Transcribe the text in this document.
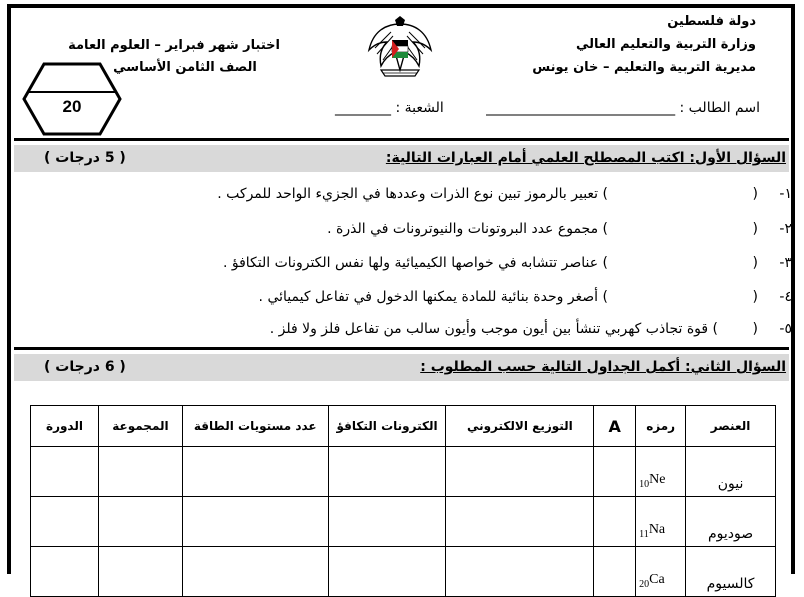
دولة فلسطين
وزارة التربية والتعليم العالي
مديرية التربية والتعليم – خان يونس
اختبار شهر فبراير – العلوم العامة
الصف الثامن الأساسي
20	اسم الطالب : ___________________________
الشعبة : ________
السؤال الأول: اكتب المصطلح العلمي أمام العبارات التالية:
( 5 درجات )
١-() تعبير بالرموز تبين نوع الذرات وعددها في الجزيء الواحد للمركب .
٢-() مجموع عدد البروتونات والنيوترونات في الذرة .
٣-() عناصر تتشابه في خواصها الكيميائية ولها نفس الكترونات التكافؤ .
٤-() أصغر وحدة بنائية للمادة يمكنها الدخول في تفاعل كيميائي .
٥-() قوة تجاذب كهربي تنشأ بين أيون موجب وأيون سالب من تفاعل فلز ولا فلز .
السؤال الثاني: أكمل الجداول التالية حسب المطلوب :
( 6 درجات )
العنصر	رمزه	A	التوزيع الالكتروني	الكترونات التكافؤ	عدد مستويات الطاقة	المجموعة	الدورة
نيون	$_{10}$Ne						
صوديوم	$_{11}$Na						
كالسيوم	$_{20}$Ca						
